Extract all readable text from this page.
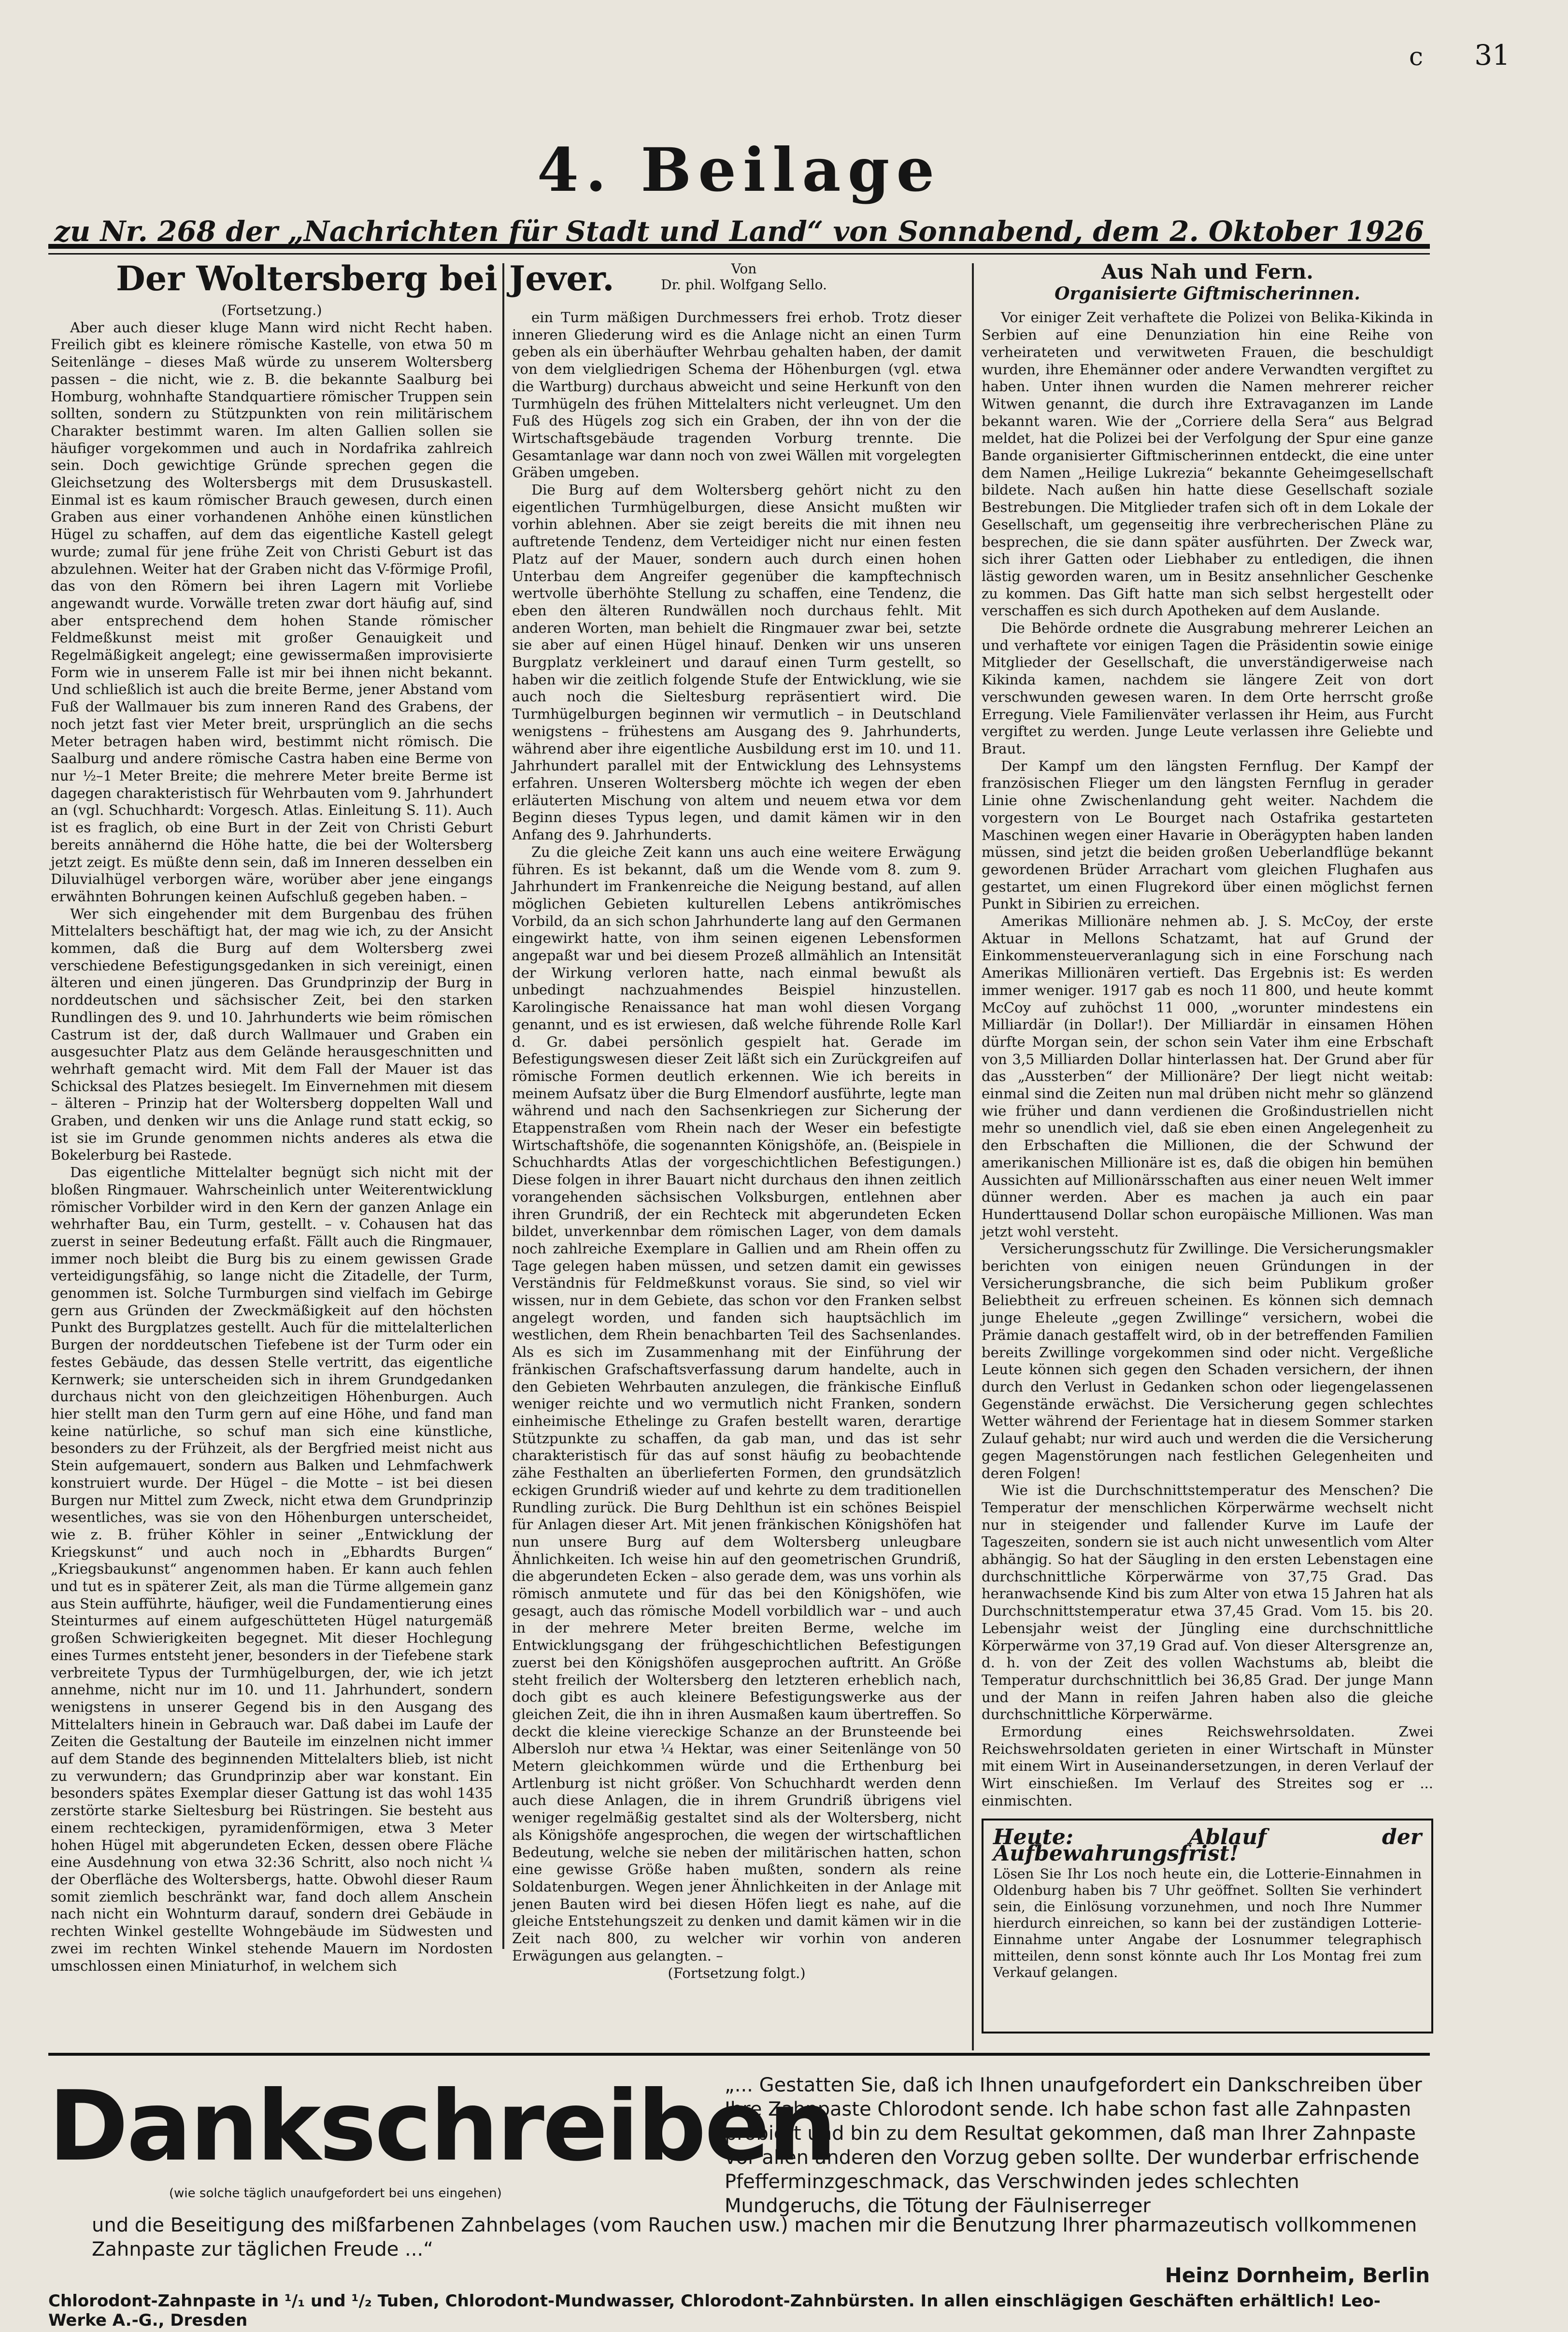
c 31
4. Beilage
zu Nr. 268 der „Nachrichten für Stadt und Land“ von Sonnabend, dem 2. Oktober 1926
Der Woltersberg bei Jever.	Von
Dr. phil. Wolfgang Sello.

(Fortsetzung.)

Aber auch dieser kluge Mann wird nicht Recht haben. Freilich gibt es kleinere römische Kastelle, von etwa 50 m Seitenlänge – dieses Maß würde zu unserem Woltersberg passen – die nicht, wie z. B. die bekannte Saalburg bei Homburg, wohnhafte Standquartiere römischer Truppen sein sollten, sondern zu Stützpunkten von rein militärischem Charakter bestimmt waren. Im alten Gallien sollen sie häufiger vorgekommen und auch in Nordafrika zahlreich sein. Doch gewichtige Gründe sprechen gegen die Gleichsetzung des Woltersbergs mit dem Drususkastell. Einmal ist es kaum römischer Brauch gewesen, durch einen Graben aus einer vorhandenen Anhöhe einen künstlichen Hügel zu schaffen, auf dem das eigentliche Kastell gelegt wurde; zumal für jene frühe Zeit von Christi Geburt ist das abzulehnen. Weiter hat der Graben nicht das V-förmige Profil, das von den Römern bei ihren Lagern mit Vorliebe angewandt wurde. Vorwälle treten zwar dort häufig auf, sind aber entsprechend dem hohen Stande römischer Feldmeßkunst meist mit großer Genauigkeit und Regelmäßigkeit angelegt; eine gewissermaßen improvisierte Form wie in unserem Falle ist mir bei ihnen nicht bekannt. Und schließlich ist auch die breite Berme, jener Abstand vom Fuß der Wallmauer bis zum inneren Rand des Grabens, der noch jetzt fast vier Meter breit, ursprünglich an die sechs Meter betragen haben wird, bestimmt nicht römisch. Die Saalburg und andere römische Castra haben eine Berme von nur ½–1 Meter Breite; die mehrere Meter breite Berme ist dagegen charakteristisch für Wehrbauten vom 9. Jahrhundert an (vgl. Schuchhardt: Vorgesch. Atlas. Einleitung S. 11). Auch ist es fraglich, ob eine Burt in der Zeit von Christi Geburt bereits annähernd die Höhe hatte, die bei der Woltersberg jetzt zeigt. Es müßte denn sein, daß im Inneren desselben ein Diluvialhügel verborgen wäre, worüber aber jene eingangs erwähnten Bohrungen keinen Aufschluß gegeben haben. –

Wer sich eingehender mit dem Burgenbau des frühen Mittelalters beschäftigt hat, der mag wie ich, zu der Ansicht kommen, daß die Burg auf dem Woltersberg zwei verschiedene Befestigungsgedanken in sich vereinigt, einen älteren und einen jüngeren. Das Grundprinzip der Burg in norddeutschen und sächsischer Zeit, bei den starken Rundlingen des 9. und 10. Jahrhunderts wie beim römischen Castrum ist der, daß durch Wallmauer und Graben ein ausgesuchter Platz aus dem Gelände herausgeschnitten und wehrhaft gemacht wird. Mit dem Fall der Mauer ist das Schicksal des Platzes besiegelt. Im Einvernehmen mit diesem – älteren – Prinzip hat der Woltersberg doppelten Wall und Graben, und denken wir uns die Anlage rund statt eckig, so ist sie im Grunde genommen nichts anderes als etwa die Bokelerburg bei Rastede.

Das eigentliche Mittelalter begnügt sich nicht mit der bloßen Ringmauer. Wahrscheinlich unter Weiterentwicklung römischer Vorbilder wird in den Kern der ganzen Anlage ein wehrhafter Bau, ein Turm, gestellt. – v. Cohausen hat das zuerst in seiner Bedeutung erfaßt. Fällt auch die Ringmauer, immer noch bleibt die Burg bis zu einem gewissen Grade verteidigungsfähig, so lange nicht die Zitadelle, der Turm, genommen ist. Solche Turmburgen sind vielfach im Gebirge gern aus Gründen der Zweckmäßigkeit auf den höchsten Punkt des Burgplatzes gestellt. Auch für die mittelalterlichen Burgen der norddeutschen Tiefebene ist der Turm oder ein festes Gebäude, das dessen Stelle vertritt, das eigentliche Kernwerk; sie unterscheiden sich in ihrem Grundgedanken durchaus nicht von den gleichzeitigen Höhenburgen. Auch hier stellt man den Turm gern auf eine Höhe, und fand man keine natürliche, so schuf man sich eine künstliche, besonders zu der Frühzeit, als der Bergfried meist nicht aus Stein aufgemauert, sondern aus Balken und Lehmfachwerk konstruiert wurde. Der Hügel – die Motte – ist bei diesen Burgen nur Mittel zum Zweck, nicht etwa dem Grundprinzip wesentliches, was sie von den Höhenburgen unterscheidet, wie z. B. früher Köhler in seiner „Entwicklung der Kriegskunst“ und auch noch in „Ebhardts Burgen“ „Kriegsbaukunst“ angenommen haben. Er kann auch fehlen und tut es in späterer Zeit, als man die Türme allgemein ganz aus Stein aufführte, häufiger, weil die Fundamentierung eines Steinturmes auf einem aufgeschütteten Hügel naturgemäß großen Schwierigkeiten begegnet. Mit dieser Hochlegung eines Turmes entsteht jener, besonders in der Tiefebene stark verbreitete Typus der Turmhügelburgen, der, wie ich jetzt annehme, nicht nur im 10. und 11. Jahrhundert, sondern wenigstens in unserer Gegend bis in den Ausgang des Mittelalters hinein in Gebrauch war. Daß dabei im Laufe der Zeiten die Gestaltung der Bauteile im einzelnen nicht immer auf dem Stande des beginnenden Mittelalters blieb, ist nicht zu verwundern; das Grundprinzip aber war konstant. Ein besonders spätes Exemplar dieser Gattung ist das wohl 1435 zerstörte starke Sieltesburg bei Rüstringen. Sie besteht aus einem rechteckigen, pyramidenförmigen, etwa 3 Meter hohen Hügel mit abgerundeten Ecken, dessen obere Fläche eine Ausdehnung von etwa 32:36 Schritt, also noch nicht ¼ der Oberfläche des Woltersbergs, hatte. Obwohl dieser Raum somit ziemlich beschränkt war, fand doch allem Anschein nach nicht ein Wohnturm darauf, sondern drei Gebäude in rechten Winkel gestellte Wohngebäude im Südwesten und zwei im rechten Winkel stehende Mauern im Nordosten umschlossen einen Miniaturhof, in welchem sich

ein Turm mäßigen Durchmessers frei erhob. Trotz dieser inneren Gliederung wird es die Anlage nicht an einen Turm geben als ein überhäufter Wehrbau gehalten haben, der damit von dem vielgliedrigen Schema der Höhenburgen (vgl. etwa die Wartburg) durchaus abweicht und seine Herkunft von den Turmhügeln des frühen Mittelalters nicht verleugnet. Um den Fuß des Hügels zog sich ein Graben, der ihn von der die Wirtschaftsgebäude tragenden Vorburg trennte. Die Gesamtanlage war dann noch von zwei Wällen mit vorgelegten Gräben umgeben.

Die Burg auf dem Woltersberg gehört nicht zu den eigentlichen Turmhügelburgen, diese Ansicht mußten wir vorhin ablehnen. Aber sie zeigt bereits die mit ihnen neu auftretende Tendenz, dem Verteidiger nicht nur einen festen Platz auf der Mauer, sondern auch durch einen hohen Unterbau dem Angreifer gegenüber die kampftechnisch wertvolle überhöhte Stellung zu schaffen, eine Tendenz, die eben den älteren Rundwällen noch durchaus fehlt. Mit anderen Worten, man behielt die Ringmauer zwar bei, setzte sie aber auf einen Hügel hinauf. Denken wir uns unseren Burgplatz verkleinert und darauf einen Turm gestellt, so haben wir die zeitlich folgende Stufe der Entwicklung, wie sie auch noch die Sieltesburg repräsentiert wird. Die Turmhügelburgen beginnen wir vermutlich – in Deutschland wenigstens – frühestens am Ausgang des 9. Jahrhunderts, während aber ihre eigentliche Ausbildung erst im 10. und 11. Jahrhundert parallel mit der Entwicklung des Lehnsystems erfahren. Unseren Woltersberg möchte ich wegen der eben erläuterten Mischung von altem und neuem etwa vor dem Beginn dieses Typus legen, und damit kämen wir in den Anfang des 9. Jahrhunderts.

Zu die gleiche Zeit kann uns auch eine weitere Erwägung führen. Es ist bekannt, daß um die Wende vom 8. zum 9. Jahrhundert im Frankenreiche die Neigung bestand, auf allen möglichen Gebieten kulturellen Lebens antikrömisches Vorbild, da an sich schon Jahrhunderte lang auf den Germanen eingewirkt hatte, von ihm seinen eigenen Lebensformen angepaßt war und bei diesem Prozeß allmählich an Intensität der Wirkung verloren hatte, nach einmal bewußt als unbedingt nachzuahmendes Beispiel hinzustellen. Karolingische Renaissance hat man wohl diesen Vorgang genannt, und es ist erwiesen, daß welche führende Rolle Karl d. Gr. dabei persönlich gespielt hat. Gerade im Befestigungswesen dieser Zeit läßt sich ein Zurückgreifen auf römische Formen deutlich erkennen. Wie ich bereits in meinem Aufsatz über die Burg Elmendorf ausführte, legte man während und nach den Sachsenkriegen zur Sicherung der Etappenstraßen vom Rhein nach der Weser ein befestigte Wirtschaftshöfe, die sogenannten Königshöfe, an. (Beispiele in Schuchhardts Atlas der vorgeschichtlichen Befestigungen.) Diese folgen in ihrer Bauart nicht durchaus den ihnen zeitlich vorangehenden sächsischen Volksburgen, entlehnen aber ihren Grundriß, der ein Rechteck mit abgerundeten Ecken bildet, unverkennbar dem römischen Lager, von dem damals noch zahlreiche Exemplare in Gallien und am Rhein offen zu Tage gelegen haben müssen, und setzen damit ein gewisses Verständnis für Feldmeßkunst voraus. Sie sind, so viel wir wissen, nur in dem Gebiete, das schon vor den Franken selbst angelegt worden, und fanden sich hauptsächlich im westlichen, dem Rhein benachbarten Teil des Sachsenlandes. Als es sich im Zusammenhang mit der Einführung der fränkischen Grafschaftsverfassung darum handelte, auch in den Gebieten Wehrbauten anzulegen, die fränkische Einfluß weniger reichte und wo vermutlich nicht Franken, sondern einheimische Ethelinge zu Grafen bestellt waren, derartige Stützpunkte zu schaffen, da gab man, und das ist sehr charakteristisch für das auf sonst häufig zu beobachtende zähe Festhalten an überlieferten Formen, den grundsätzlich eckigen Grundriß wieder auf und kehrte zu dem traditionellen Rundling zurück. Die Burg Dehlthun ist ein schönes Beispiel für Anlagen dieser Art. Mit jenen fränkischen Königshöfen hat nun unsere Burg auf dem Woltersberg unleugbare Ähnlichkeiten. Ich weise hin auf den geometrischen Grundriß, die abgerundeten Ecken – also gerade dem, was uns vorhin als römisch anmutete und für das bei den Königshöfen, wie gesagt, auch das römische Modell vorbildlich war – und auch in der mehrere Meter breiten Berme, welche im Entwicklungsgang der frühgeschichtlichen Befestigungen zuerst bei den Königshöfen ausgeprochen auftritt. An Größe steht freilich der Woltersberg den letzteren erheblich nach, doch gibt es auch kleinere Befestigungswerke aus der gleichen Zeit, die ihn in ihren Ausmaßen kaum übertreffen. So deckt die kleine viereckige Schanze an der Brunsteende bei Albersloh nur etwa ¼ Hektar, was einer Seitenlänge von 50 Metern gleichkommen würde und die Erthenburg bei Artlenburg ist nicht größer. Von Schuchhardt werden denn auch diese Anlagen, die in ihrem Grundriß übrigens viel weniger regelmäßig gestaltet sind als der Woltersberg, nicht als Königshöfe angesprochen, die wegen der wirtschaftlichen Bedeutung, welche sie neben der militärischen hatten, schon eine gewisse Größe haben mußten, sondern als reine Soldatenburgen. Wegen jener Ähnlichkeiten in der Anlage mit jenen Bauten wird bei diesen Höfen liegt es nahe, auf die gleiche Entstehungszeit zu denken und damit kämen wir in die Zeit nach 800, zu welcher wir vorhin von anderen Erwägungen aus gelangten. –

(Fortsetzung folgt.)

Aus Nah und Fern.
Organisierte Giftmischerinnen.

Vor einiger Zeit verhaftete die Polizei von Belika-Kikinda in Serbien auf eine Denunziation hin eine Reihe von verheirateten und verwitweten Frauen, die beschuldigt wurden, ihre Ehemänner oder andere Verwandten vergiftet zu haben. Unter ihnen wurden die Namen mehrerer reicher Witwen genannt, die durch ihre Extravaganzen im Lande bekannt waren. Wie der „Corriere della Sera“ aus Belgrad meldet, hat die Polizei bei der Verfolgung der Spur eine ganze Bande organisierter Giftmischerinnen entdeckt, die eine unter dem Namen „Heilige Lukrezia“ bekannte Geheimgesellschaft bildete. Nach außen hin hatte diese Gesellschaft soziale Bestrebungen. Die Mitglieder trafen sich oft in dem Lokale der Gesellschaft, um gegenseitig ihre verbrecherischen Pläne zu besprechen, die sie dann später ausführten. Der Zweck war, sich ihrer Gatten oder Liebhaber zu entledigen, die ihnen lästig geworden waren, um in Besitz ansehnlicher Geschenke zu kommen. Das Gift hatte man sich selbst hergestellt oder verschaffen es sich durch Apotheken auf dem Auslande.

Die Behörde ordnete die Ausgrabung mehrerer Leichen an und verhaftete vor einigen Tagen die Präsidentin sowie einige Mitglieder der Gesellschaft, die unverständigerweise nach Kikinda kamen, nachdem sie längere Zeit von dort verschwunden gewesen waren. In dem Orte herrscht große Erregung. Viele Familienväter verlassen ihr Heim, aus Furcht vergiftet zu werden. Junge Leute verlassen ihre Geliebte und Braut.

Der Kampf um den längsten Fernflug. Der Kampf der französischen Flieger um den längsten Fernflug in gerader Linie ohne Zwischenlandung geht weiter. Nachdem die vorgestern von Le Bourget nach Ostafrika gestarteten Maschinen wegen einer Havarie in Oberägypten haben landen müssen, sind jetzt die beiden großen Ueberlandflüge bekannt gewordenen Brüder Arrachart vom gleichen Flughafen aus gestartet, um einen Flugrekord über einen möglichst fernen Punkt in Sibirien zu erreichen.

Amerikas Millionäre nehmen ab. J. S. McCoy, der erste Aktuar in Mellons Schatzamt, hat auf Grund der Einkommensteuerveranlagung sich in eine Forschung nach Amerikas Millionären vertieft. Das Ergebnis ist: Es werden immer weniger. 1917 gab es noch 11 800, und heute kommt McCoy auf zuhöchst 11 000, „worunter mindestens ein Milliardär (in Dollar!). Der Milliardär in einsamen Höhen dürfte Morgan sein, der schon sein Vater ihm eine Erbschaft von 3,5 Milliarden Dollar hinterlassen hat. Der Grund aber für das „Aussterben“ der Millionäre? Der liegt nicht weitab: einmal sind die Zeiten nun mal drüben nicht mehr so glänzend wie früher und dann verdienen die Großindustriellen nicht mehr so unendlich viel, daß sie eben einen Angelegenheit zu den Erbschaften die Millionen, die der Schwund der amerikanischen Millionäre ist es, daß die obigen hin bemühen Aussichten auf Millionärsschaften aus einer neuen Welt immer dünner werden. Aber es machen ja auch ein paar Hunderttausend Dollar schon europäische Millionen. Was man jetzt wohl versteht.

Versicherungsschutz für Zwillinge. Die Versicherungsmakler berichten von einigen neuen Gründungen in der Versicherungsbranche, die sich beim Publikum großer Beliebtheit zu erfreuen scheinen. Es können sich demnach junge Eheleute „gegen Zwillinge“ versichern, wobei die Prämie danach gestaffelt wird, ob in der betreffenden Familien bereits Zwillinge vorgekommen sind oder nicht. Vergeßliche Leute können sich gegen den Schaden versichern, der ihnen durch den Verlust in Gedanken schon oder liegengelassenen Gegenstände erwächst. Die Versicherung gegen schlechtes Wetter während der Ferientage hat in diesem Sommer starken Zulauf gehabt; nur wird auch und werden die die Versicherung gegen Magenstörungen nach festlichen Gelegenheiten und deren Folgen!

Wie ist die Durchschnittstemperatur des Menschen? Die Temperatur der menschlichen Körperwärme wechselt nicht nur in steigender und fallender Kurve im Laufe der Tageszeiten, sondern sie ist auch nicht unwesentlich vom Alter abhängig. So hat der Säugling in den ersten Lebenstagen eine durchschnittliche Körperwärme von 37,75 Grad. Das heranwachsende Kind bis zum Alter von etwa 15 Jahren hat als Durchschnittstemperatur etwa 37,45 Grad. Vom 15. bis 20. Lebensjahr weist der Jüngling eine durchschnittliche Körperwärme von 37,19 Grad auf. Von dieser Altersgrenze an, d. h. von der Zeit des vollen Wachstums ab, bleibt die Temperatur durchschnittlich bei 36,85 Grad. Der junge Mann und der Mann in reifen Jahren haben also die gleiche durchschnittliche Körperwärme.

Ermordung eines Reichswehrsoldaten. Zwei Reichswehrsoldaten gerieten in einer Wirtschaft in Münster mit einem Wirt in Auseinandersetzungen, in deren Verlauf der Wirt einschießen. Im Verlauf des Streites sog er ... einmischten.

Heute: Ablauf der Aufbewahrungsfrist!
Lösen Sie Ihr Los noch heute ein, die Lotterie-Einnahmen in Oldenburg haben bis 7 Uhr geöffnet. Sollten Sie verhindert sein, die Einlösung vorzunehmen, und noch Ihre Nummer hierdurch einreichen, so kann bei der zuständigen Lotterie-Einnahme unter Angabe der Losnummer telegraphisch mitteilen, denn sonst könnte auch Ihr Los Montag frei zum Verkauf gelangen.
Dankschreiben
(wie solche täglich unaufgefordert bei uns eingehen)
„... Gestatten Sie, daß ich Ihnen unaufgefordert ein Dankschreiben über Ihre Zahnpaste Chlorodont sende. Ich habe schon fast alle Zahnpasten probiert und bin zu dem Resultat gekommen, daß man Ihrer Zahnpaste vor allen anderen den Vorzug geben sollte. Der wunderbar erfrischende Pfefferminzgeschmack, das Verschwinden jedes schlechten Mundgeruchs, die Tötung der Fäulniserreger
und die Beseitigung des mißfarbenen Zahnbelages (vom Rauchen usw.) machen mir die Benutzung Ihrer pharmazeutisch vollkommenen Zahnpaste zur täglichen Freude ...“
Heinz Dornheim, Berlin
Chlorodont-Zahnpaste in ¹/₁ und ¹/₂ Tuben, Chlorodont-Mundwasser, Chlorodont-Zahnbürsten. In allen einschlägigen Geschäften erhältlich! Leo-Werke A.-G., Dresden
